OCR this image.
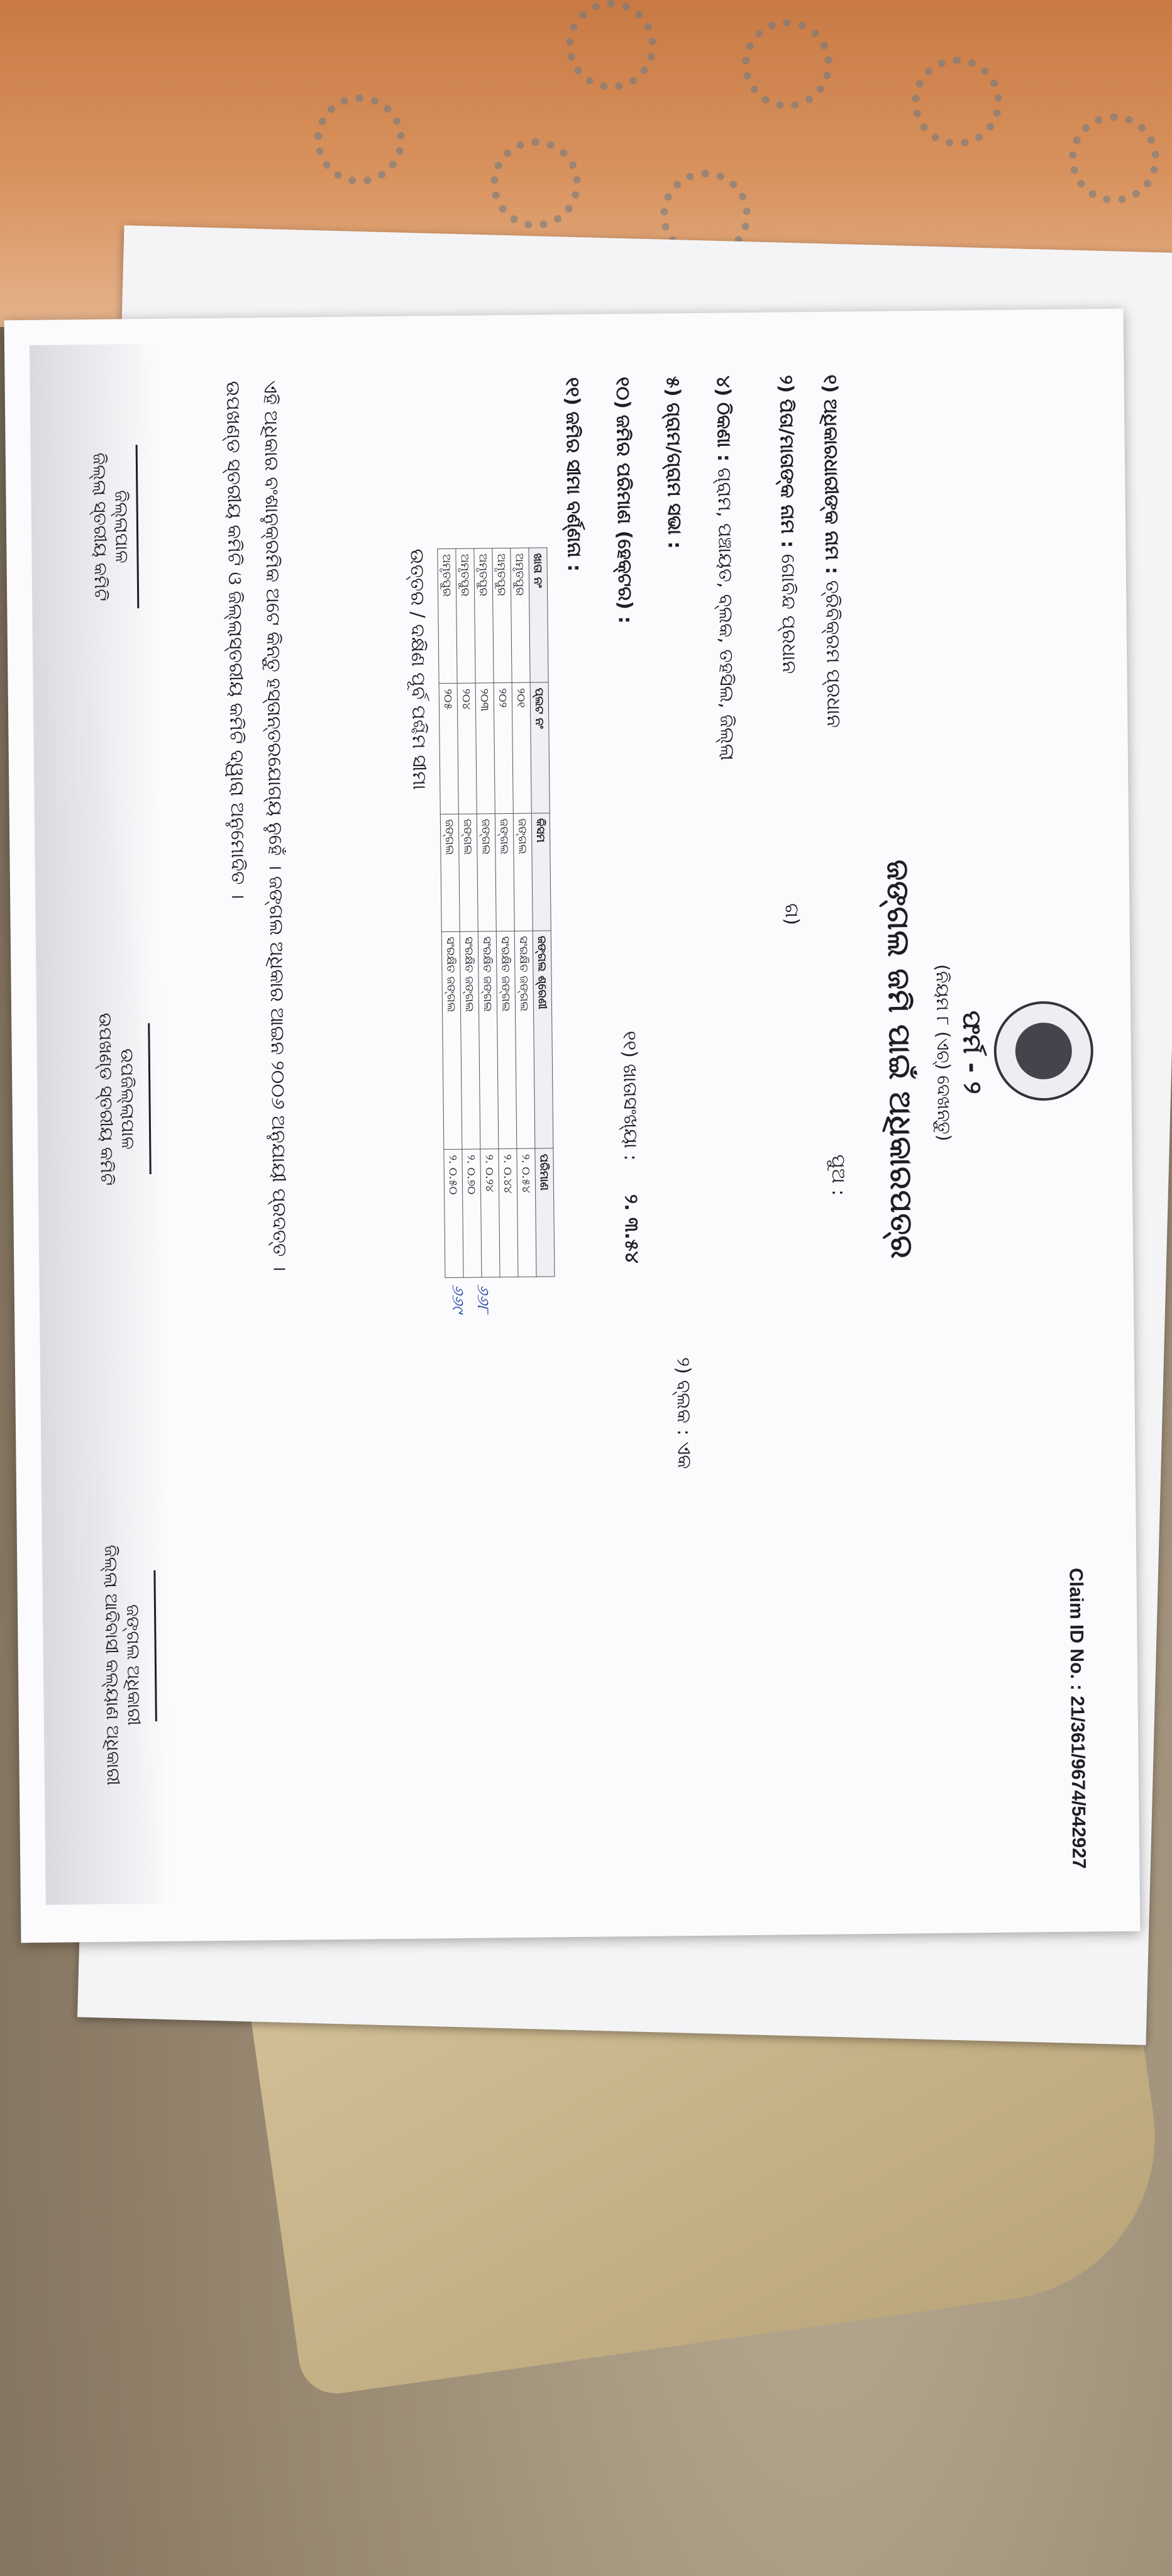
Claim ID No. : 21/361/9674/542927
ଫର୍ମ - ୨
(ନିୟମ ୮ (ଏଚ୍) ଦେଖନ୍ତୁ)
ଜଙ୍ଗଲ ଜମି ପାଇଁ ଅଧିକାରପତ୍ର
୧) ଅଧିକାରଧାରୀଙ୍କ ନାମ : ତ୍ରିବିକ୍ରମ ପ୍ରଧାନ
ପୁଅ :
୨) ପିତା/ମାତାଙ୍କ ନାମ : ଗୋବିନ୍ଦ ପ୍ରଧାନ
ଗ)
୪) ଠିକଣା : ଗ୍ରାମ, ପଞ୍ଚାୟତ, ବ୍ଲକ, ତହସିଲ, ଜିଲ୍ଲା
୫) ଗ୍ରାମ/ଗ୍ରାମ ସଭା :
୨) ବ୍ଲକ : ଏକ
୧୦) ଜମିର ପରିମାଣ (ହେକ୍ଟର) :
୧୧) ଖାତାସଂଖ୍ୟା :
୨. ୩.୫୪
୧୧) ଜମିର ସୀମା ବର୍ଣ୍ଣନା :
ଖାତା ନଂ	ପ୍ଲଟ ନଂ	କିସମ	ଜଙ୍ଗଲ ଶ୍ରେଣୀ	ପରିମାଣ
ଅମୃତପୁର	୨୦୧	ଜଙ୍ଗଲ	ସଂରକ୍ଷିତ ଜଙ୍ଗଲ	୨. ୦.୫୪
ଅମୃତପୁର	୨୦୨	ଜଙ୍ଗଲ	ସଂରକ୍ଷିତ ଜଙ୍ଗଲ	୨. ୦.୪୪
ଅମୃତପୁର	୨୦୩	ଜଙ୍ଗଲ	ସଂରକ୍ଷିତ ଜଙ୍ଗଲ	୨. ୦.୨୪
ଅମୃତପୁର	୨୦୪	ଜଙ୍ଗଲ	ସଂରକ୍ଷିତ ଜଙ୍ଗଲ	୨. ୦.୭୦
ଅମୃତପୁର	୨୦୫	ଜଙ୍ଗଲ	ସଂରକ୍ଷିତ ଜଙ୍ଗଲ	୨. ୦.୫୦
୬୬୮
୬୬୯
ଉତ୍ତର / ଦକ୍ଷିଣ ପୂର୍ବ ପଶ୍ଚିମ ସୀମା
ଏହି ଅଧିକାର ବଂଶାନୁକ୍ରମିକ ଅଟେ କିନ୍ତୁ ହସ୍ତାନ୍ତରଯୋଗ୍ୟ ନୁହେଁ । ଜଙ୍ଗଲ ଅଧିକାର ଆଇନ ୨୦୦୬ ଅନୁଯାୟୀ ପ୍ରଦତ୍ତ ।
ଉପଖଣ୍ଡ ସ୍ତରୀୟ କମିଟି ଓ ଜିଲ୍ଲାସ୍ତରୀୟ କମିଟି ଦ୍ୱାରା ଅନୁମୋଦିତ ।
ଜିଲ୍ଲାପାଳ
ଜିଲ୍ଲା ସ୍ତରୀୟ କମିଟି
ଉପଜିଲ୍ଲାପାଳ
ଉପଖଣ୍ଡ ସ୍ତରୀୟ କମିଟି
ଜଙ୍ଗଲ ଅଧିକାରୀ
ଜିଲ୍ଲା ଆଦିବାସୀ କଲ୍ୟାଣ ଅଧିକାରୀ
